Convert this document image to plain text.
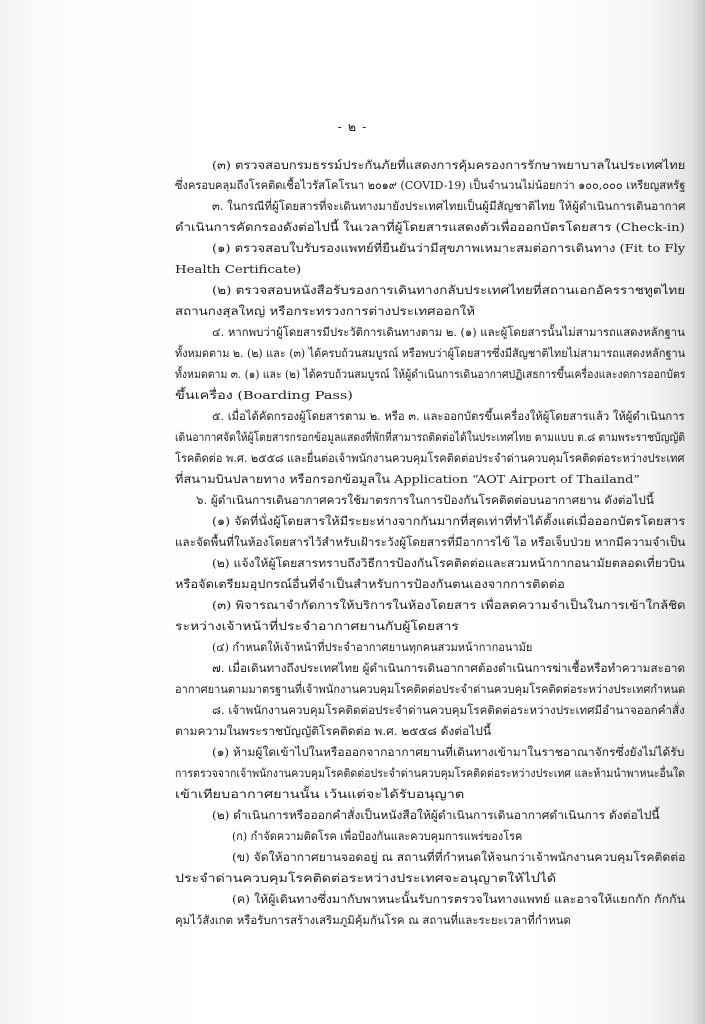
- ๒ -
(๓) ตรวจสอบกรมธรรม์ประกันภัยที่แสดงการคุ้มครองการรักษาพยาบาลในประเทศไทย
ซึ่งครอบคลุมถึงโรคติดเชื้อไวรัสโคโรนา ๒๐๑๙ (COVID-19) เป็นจำนวนไม่น้อยกว่า ๑๐๐,๐๐๐ เหรียญสหรัฐ
๓. ในกรณีที่ผู้โดยสารที่จะเดินทางมายังประเทศไทยเป็นผู้มีสัญชาติไทย ให้ผู้ดำเนินการเดินอากาศ
ดำเนินการคัดกรองดังต่อไปนี้ ในเวลาที่ผู้โดยสารแสดงตัวเพื่อออกบัตรโดยสาร (Check-in)
(๑) ตรวจสอบใบรับรองแพทย์ที่ยืนยันว่ามีสุขภาพเหมาะสมต่อการเดินทาง (Fit to Fly
Health Certificate)
(๒) ตรวจสอบหนังสือรับรองการเดินทางกลับประเทศไทยที่สถานเอกอัครราชทูตไทย
สถานกงสุลใหญ่ หรือกระทรวงการต่างประเทศออกให้
๔. หากพบว่าผู้โดยสารมีประวัติการเดินทางตาม ๒. (๑) และผู้โดยสารนั้นไม่สามารถแสดงหลักฐาน
ทั้งหมดตาม ๒. (๒) และ (๓) ได้ครบถ้วนสมบูรณ์ หรือพบว่าผู้โดยสารซึ่งมีสัญชาติไทยไม่สามารถแสดงหลักฐาน
ทั้งหมดตาม ๓. (๑) และ (๒) ได้ครบถ้วนสมบูรณ์ ให้ผู้ดำเนินการเดินอากาศปฏิเสธการขึ้นเครื่องและงดการออกบัตร
ขึ้นเครื่อง (Boarding Pass)
๕. เมื่อได้คัดกรองผู้โดยสารตาม ๒. หรือ ๓. และออกบัตรขึ้นเครื่องให้ผู้โดยสารแล้ว ให้ผู้ดำเนินการ
เดินอากาศจัดให้ผู้โดยสารกรอกข้อมูลแสดงที่พักที่สามารถติดต่อได้ในประเทศไทย ตามแบบ ต.๘ ตามพระราชบัญญัติ
โรคติดต่อ พ.ศ. ๒๕๕๘ และยื่นต่อเจ้าพนักงานควบคุมโรคติดต่อประจำด่านควบคุมโรคติดต่อระหว่างประเทศ
ที่สนามบินปลายทาง หรือกรอกข้อมูลใน Application “AOT Airport of Thailand”
๖. ผู้ดำเนินการเดินอากาศควรใช้มาตรการในการป้องกันโรคติดต่อบนอากาศยาน ดังต่อไปนี้
(๑) จัดที่นั่งผู้โดยสารให้มีระยะห่างจากกันมากที่สุดเท่าที่ทำได้ตั้งแต่เมื่อออกบัตรโดยสาร
และจัดพื้นที่ในห้องโดยสารไว้สำหรับเฝ้าระวังผู้โดยสารที่มีอาการไข้ ไอ หรือเจ็บป่วย หากมีความจำเป็น
(๒) แจ้งให้ผู้โดยสารทราบถึงวิธีการป้องกันโรคติดต่อและสวมหน้ากากอนามัยตลอดเที่ยวบิน
หรือจัดเตรียมอุปกรณ์อื่นที่จำเป็นสำหรับการป้องกันตนเองจากการติดต่อ
(๓) พิจารณาจำกัดการให้บริการในห้องโดยสาร เพื่อลดความจำเป็นในการเข้าใกล้ชิด
ระหว่างเจ้าหน้าที่ประจำอากาศยานกับผู้โดยสาร
(๔) กำหนดให้เจ้าหน้าที่ประจำอากาศยานทุกคนสวมหน้ากากอนามัย
๗. เมื่อเดินทางถึงประเทศไทย ผู้ดำเนินการเดินอากาศต้องดำเนินการฆ่าเชื้อหรือทำความสะอาด
อากาศยานตามมาตรฐานที่เจ้าพนักงานควบคุมโรคติดต่อประจำด่านควบคุมโรคติดต่อระหว่างประเทศกำหนด
๘. เจ้าพนักงานควบคุมโรคติดต่อประจำด่านควบคุมโรคติดต่อระหว่างประเทศมีอำนาจออกคำสั่ง
ตามความในพระราชบัญญัติโรคติดต่อ พ.ศ. ๒๕๕๘ ดังต่อไปนี้
(๑) ห้ามผู้ใดเข้าไปในหรือออกจากอากาศยานที่เดินทางเข้ามาในราชอาณาจักรซึ่งยังไม่ได้รับ
การตรวจจากเจ้าพนักงานควบคุมโรคติดต่อประจำด่านควบคุมโรคติดต่อระหว่างประเทศ และห้ามนำพาหนะอื่นใด
เข้าเทียบอากาศยานนั้น เว้นแต่จะได้รับอนุญาต
(๒) ดำเนินการหรือออกคำสั่งเป็นหนังสือให้ผู้ดำเนินการเดินอากาศดำเนินการ ดังต่อไปนี้
(ก) กำจัดความติดโรค เพื่อป้องกันและควบคุมการแพร่ของโรค
(ข) จัดให้อากาศยานจอดอยู่ ณ สถานที่ที่กำหนดให้จนกว่าเจ้าพนักงานควบคุมโรคติดต่อ
ประจำด่านควบคุมโรคติดต่อระหว่างประเทศจะอนุญาตให้ไปได้
(ค) ให้ผู้เดินทางซึ่งมากับพาหนะนั้นรับการตรวจในทางแพทย์ และอาจให้แยกกัก กักกัน
คุมไว้สังเกต หรือรับการสร้างเสริมภูมิคุ้มกันโรค ณ สถานที่และระยะเวลาที่กำหนด
